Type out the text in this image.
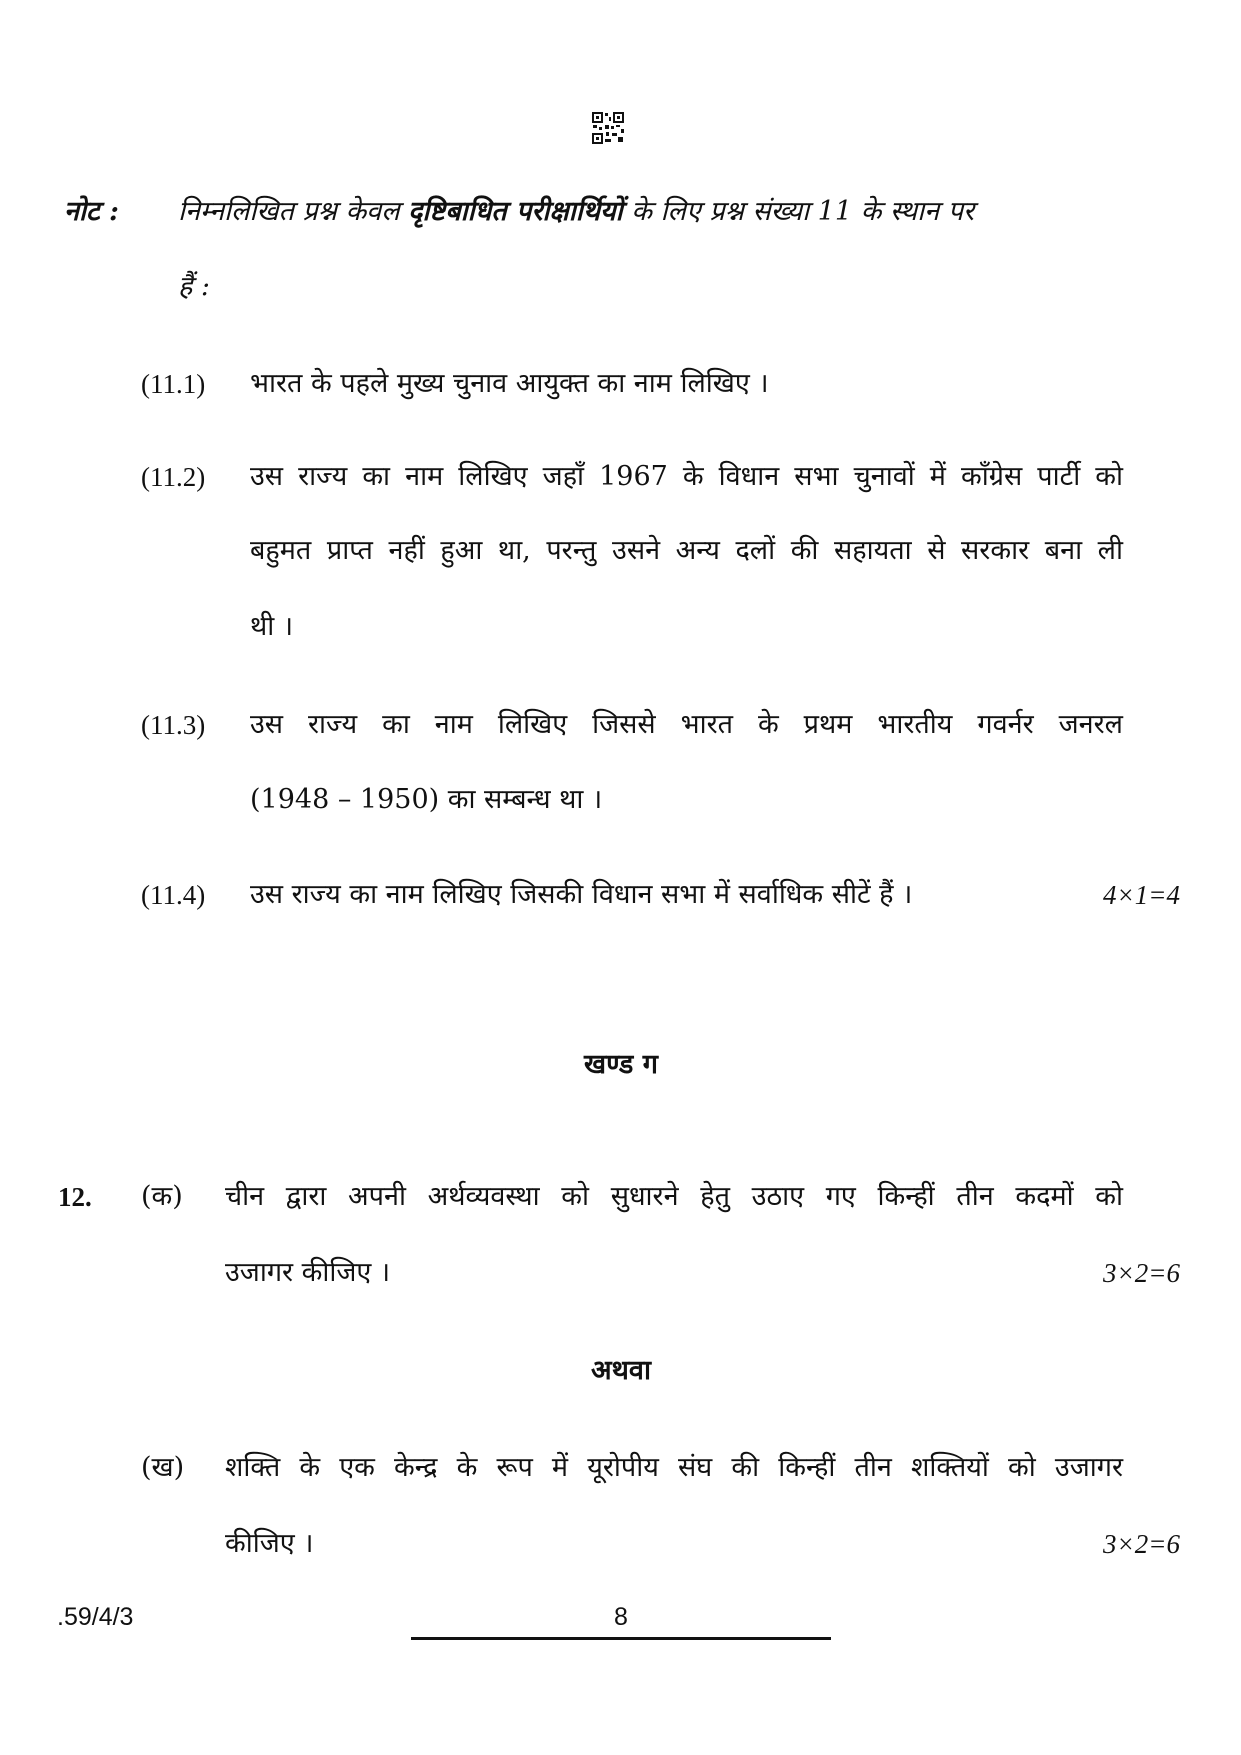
नोट : निम्नलिखित प्रश्न केवल दृष्टिबाधित परीक्षार्थियों के लिए प्रश्न संख्या 11 के स्थान पर
हैं :
(11.1) भारत के पहले मुख्य चुनाव आयुक्त का नाम लिखिए ।
(11.2) उस राज्य का नाम लिखिए जहाँ 1967 के विधान सभा चुनावों में काँग्रेस पार्टी को
बहुमत प्राप्त नहीं हुआ था, परन्तु उसने अन्य दलों की सहायता से सरकार बना ली
थी ।
(11.3) उस राज्य का नाम लिखिए जिससे भारत के प्रथम भारतीय गवर्नर जनरल
(1948 – 1950) का सम्बन्ध था ।
(11.4) उस राज्य का नाम लिखिए जिसकी विधान सभा में सर्वाधिक सीटें हैं ।	4×1=4
खण्ड ग
12. (क) चीन द्वारा अपनी अर्थव्यवस्था को सुधारने हेतु उठाए गए किन्हीं तीन कदमों को
उजागर कीजिए ।	3×2=6
अथवा
(ख) शक्ति के एक केन्द्र के रूप में यूरोपीय संघ की किन्हीं तीन शक्तियों को उजागर
कीजिए ।	3×2=6
.59/4/3	8
